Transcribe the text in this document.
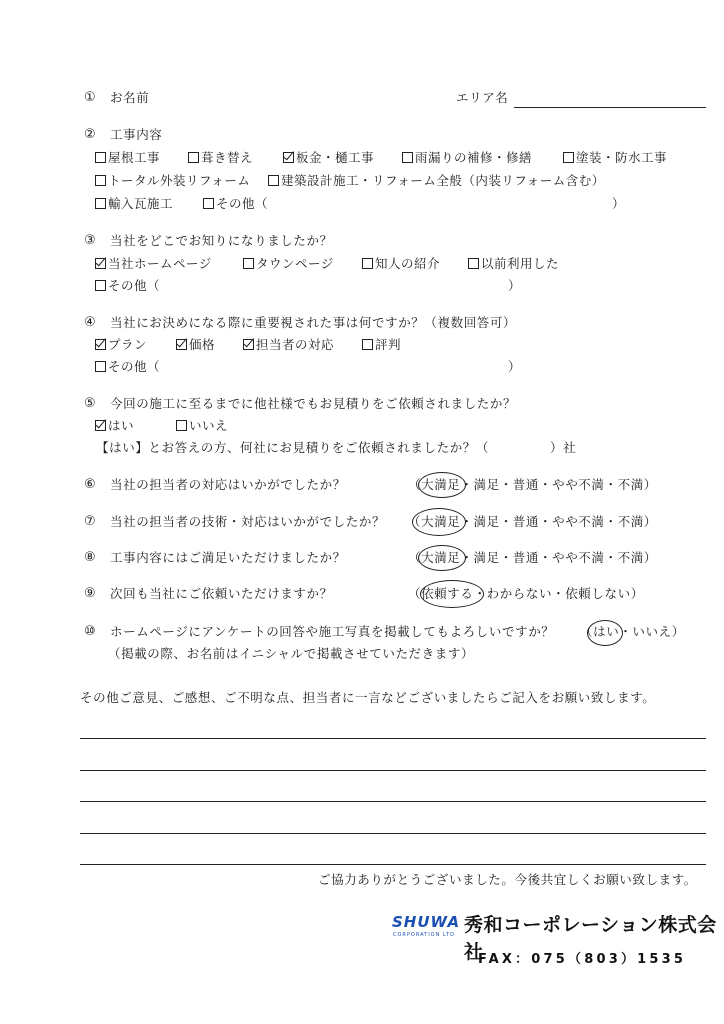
① お名前	エリア名
② 工事内容
屋根工事	葺き替え	板金・樋工事	雨漏りの補修・修繕	塗装・防水工事
トータル外装リフォーム	建築設計施工・リフォーム全般（内装リフォーム含む）
輸入瓦施工	その他（	）
③ 当社をどこでお知りになりましたか？
当社ホームページ	タウンページ	知人の紹介	以前利用した
その他（	）
④ 当社にお決めになる際に重要視された事は何ですか？（複数回答可）
プラン	価格	担当者の対応	評判
その他（	）
⑤ 今回の施工に至るまでに他社様でもお見積りをご依頼されましたか？
はい	いいえ
【はい】とお答えの方、何社にお見積りをご依頼されましたか？（	）社
⑥ 当社の担当者の対応はいかがでしたか？	（大満足・満足・普通・やや不満・不満）
⑦ 当社の担当者の技術・対応はいかがでしたか？ （大満足・満足・普通・やや不満・不満）
⑧ 工事内容にはご満足いただけましたか？	（大満足・満足・普通・やや不満・不満）
⑨ 次回も当社にご依頼いただけますか？	（依頼する・わからない・依頼しない）
⑩ ホームページにアンケートの回答や施工写真を掲載してもよろしいですか？ （はい・いいえ）
（掲載の際、お名前はイニシャルで掲載させていただきます）
その他ご意見、ご感想、ご不明な点、担当者に一言などございましたらご記入をお願い致します。
ご協力ありがとうございました。今後共宜しくお願い致します。
SHUWA
CORPORATION LTD 秀和コーポレーション株式会社
FAX：075（803）1535
